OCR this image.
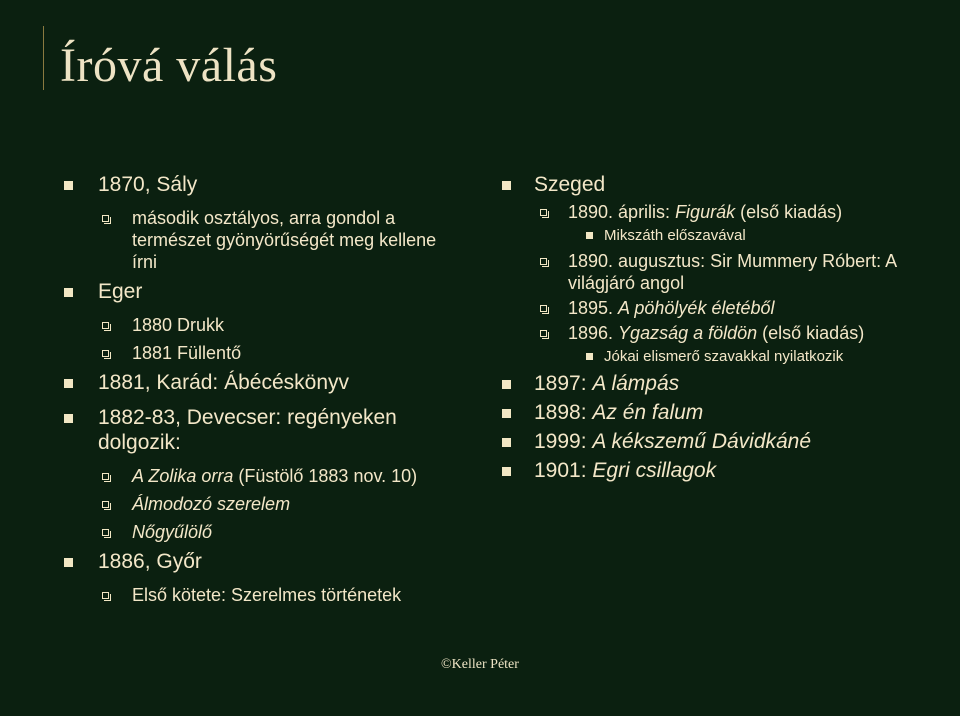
Íróvá válás
1870, Sály
második osztályos, arra gondol a természet gyönyörűségét meg kellene írni
Eger
1880 Drukk
1881 Füllentő
1881, Karád: Ábécéskönyv
1882-83, Devecser: regényeken dolgozik:
A Zolika orra (Füstölő 1883 nov. 10)
Álmodozó szerelem
Nőgyűlölő
1886, Győr
Első kötete: Szerelmes történetek
Szeged
1890. április: Figurák (első kiadás)
Mikszáth előszavával
1890. augusztus: Sir Mummery Róbert: A világjáró angol
1895. A pöhölyék életéből
1896. Ygazság a földön (első kiadás)
Jókai elismerő szavakkal nyilatkozik
1897: A lámpás
1898: Az én falum
1999: A kékszemű Dávidkáné
1901: Egri csillagok
©Keller Péter
